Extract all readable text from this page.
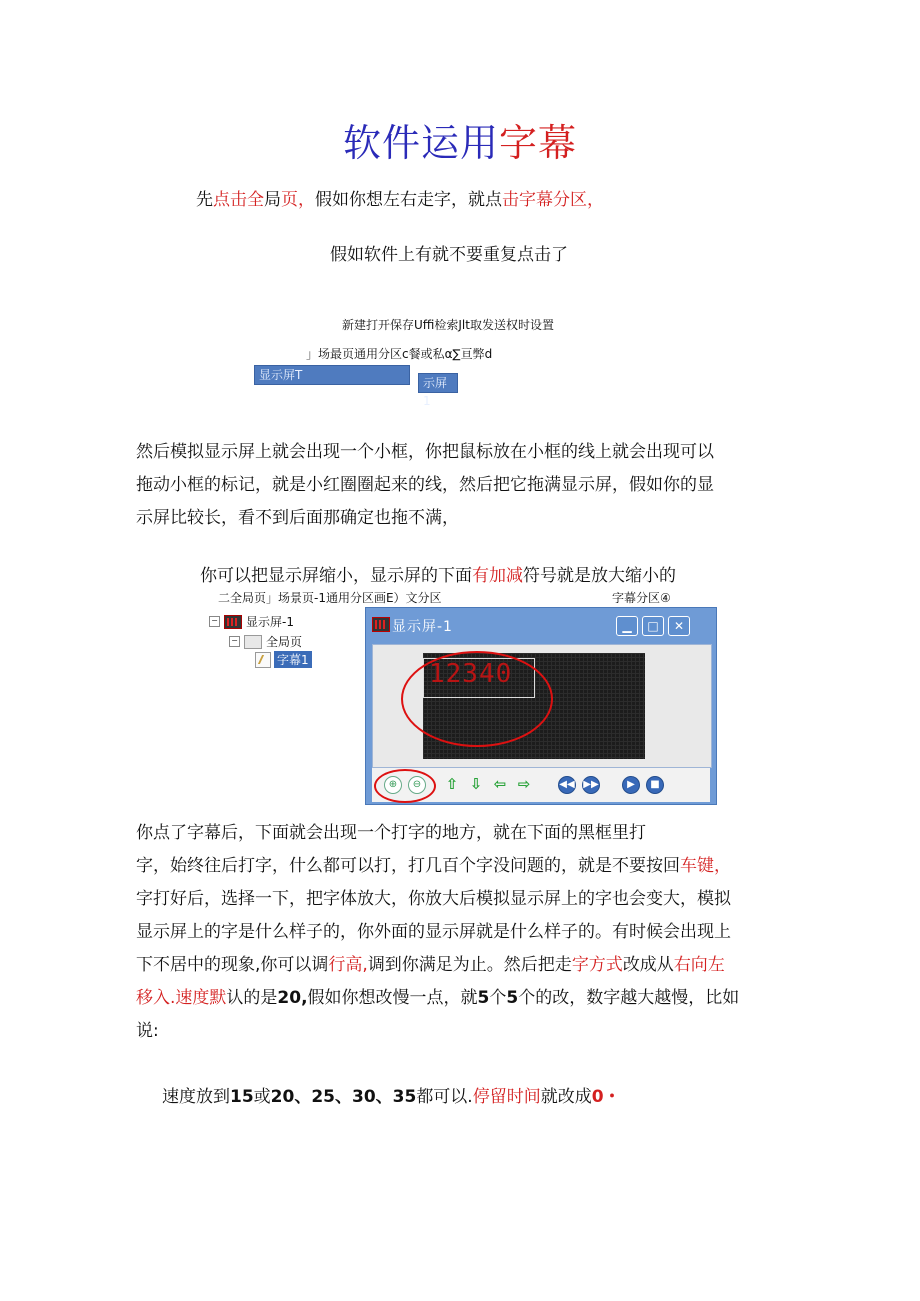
软件运用字幕
先点击全局页，假如你想左右走字，就点击字幕分区，
假如软件上有就不要重复点击了
新建打开保存Uffi检索Jlt取发送权时设置
」场最页通用分区c餐或私α∑亘弊d
显示屏T
示屏1
然后模拟显示屏上就会出现一个小框，你把鼠标放在小框的线上就会出现可以
拖动小框的标记，就是小红圈圈起来的线，然后把它拖满显示屏，假如你的显
示屏比较长，看不到后面那确定也拖不满，
你可以把显示屏缩小，显示屏的下面有加减符号就是放大缩小的
二全局页」场景页-1通用分区画E）文分区	字幕分区④
− 显示屏-1
− 全局页
字幕1
显示屏-1	▁	□	✕
12340
⊕	⊖	⇧ ⇩ ⇦ ⇨	◀◀ ▶▶	▶	■
你点了字幕后，下面就会出现一个打字的地方，就在下面的黑框里打
字，始终往后打字，什么都可以打，打几百个字没问题的，就是不要按回车键，
字打好后，选择一下，把字体放大，你放大后模拟显示屏上的字也会变大，模拟
显示屏上的字是什么样子的，你外面的显示屏就是什么样子的。有时候会出现上
下不居中的现象,你可以调行高,调到你满足为止。然后把走字方式改成从右向左
移入.速度默认的是20,假如你想改慢一点，就5个5个的改，数字越大越慢，比如
说:
速度放到15或20、25、30、35都可以.停留时间就改成0・
